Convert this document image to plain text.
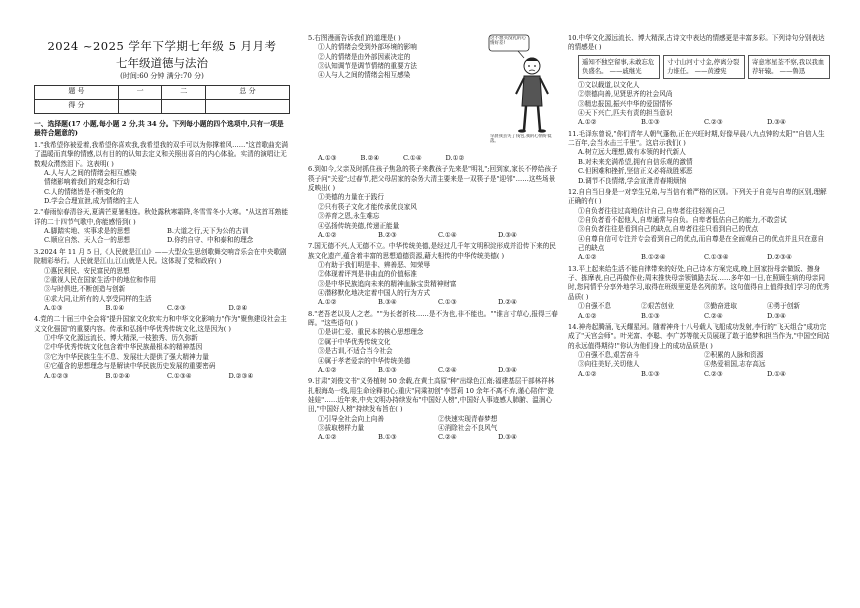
2024 ~2025 学年下学期七年级 5 月月考
七年级道德与法治
(时间:60 分钟 满分:70 分)
题 号	一	二	总 分
得 分			
一、选择题(17 小题,每小题 2 分,共 34 分。下列每小题的四个选项中,只有一项是最符合题意的)
1."我希望你被爱着,我希望你喜欢我,我希望我的双手可以为你撑着风……"这首歌曲充满了温暖而真挚的情感,以有目的的认知去定义和关照出喜自的内心体验。实清的演唱让无数观众潸然泪下。这表明( )
A.人与人之间的情绪会相互感染
情绪影响着我们的观念和行动
C.人的情绪皆是不断变化的
D.学会合理宣泄,成为情绪的主人
2."春雨惊春清谷天,夏满芒夏暑相连。秋处露秋寒霜降,冬雪雪冬小大寒。"从这首耳熟能详的二十四节气歌中,你能感悟到( )
A.脚踏实地、实事求是的思想	B.大道之行,天下为公的古训
C.顺应自然、天人合一的思想	D.你约自守、中和泰和的理念
3.2024 年 11 月 5 日,《人民就是江山》——大型众生思创歌舞交响音乐会在中央歌剧院精彩举行。人民就是江山,江山就是人民。这体现了党和政府( )
①惠民利民、安民富民的思想
②重视人民在国家生活中的地位和作用
③与时俱进,不断创造与创新
④求大同,让所有的人享受同样的生活
A.①③	B.①④	C.②③	D.②④
4.党的二十届三中全会将"提升国家文化软实力和中华文化影响力"作为"聚焦建设社会主义文化强国"的重要内容。传承和弘扬中华优秀传统文化,这是因为( )
①中华文化源远流长、博大精深,一枝独秀、历久弥新
②中华优秀传统文化包含着中华民族最根本的精神基因
③它为中华民族生生不息、发展壮大提供了强大精神力量
④它蕴含的思想理念与是解读中华民族历史发展的重要密码
A.①②③	B.①②④	C.①③④	D.②③④
这不想买没礼的心情好差!
早晨我丢失了钱包,我的心情好低落。
5.右图漫画告诉我们的道理是( )
①人的情绪会受到外部环境的影响
②人的情绪是由外部因素决定的
③认知调节是调节情绪的重要方法
④人与人之间的情绪会相互感染
A.①③	B.②④	C.①④	D.①②
6.到如今,父亲及时抓住孩子焦急的筷子来教孩子先来是"明礼";回到家,家长不停给孩子筷子问"关爱";过春节,把父母居家的杂务大清主要来是一双筷子是"迎邻"……这些场景反映出( )
①美德的力量在于践行
②只有筷子文化才能传承优良家风
③养育之恩,永生难忘
④弘扬传统美德,传递正能量
A.①②	B.②③	C.①④	D.③④
7.国无德不兴,人无德不立。中华传统美德,是经过几千年文明积淀形成并沿传下来的民族文化遗产,蕴含着丰富的思想道德资源,藉大相传的中华传统美德( )
①有助于我们明是非、辨善恶、知荣辱
②体现着评判是非曲直的价值标准
③是中华民族追向未来的精神血脉宝贵精神财富
④潜移默化地决定着中国人的行为方式
A.①②	B.③④	C.①③	D.②④
8."老吾老以及人之老。""为长者折枝……是不为也,非不能也。""谁言寸草心,报得三春晖。"这些语句( )
①是讲仁爱、重民本的核心思想理念
②属于中华优秀传统文化
③是古训,不适合当今社会
④属于孝老爱亲的中华传统美德
A.①②	B.①③	C.②④	D.③④
9.甘肃"刘俊文书"义务植树 50 余载,在黄土高原"种"出绿色江南;福建基层干部林祥林扎根海岛一线,用生命诠释初心;重庆"同乘初创"李晋莉 10 余年不离不弃,谨心陪伴"瓷娃娃"……近年来,中央文明办持续发布"中国好人榜",中国好人事迹感人肺腑、温润心田,"中国好人榜"持续发布旨在( )
①引导全社会向上向善	②快速实现青春梦想
③拔取榜样力量	④消除社会不良风气
A.①②	B.①③	C.②④	D.③④
10.中华文化源远流长、博大精深,古诗文中表达的情感更是丰富多彩。下列诗句分别表达的情感是( )
遥知不独空留事,未敢忘危负盛名。 ——戚继光
寸寸山河寸寸金,停离分裂力谁任。 ——黄遵宪
寄意寒星荃不察,我以我血荐轩辕。 ——鲁迅
①文以载道,以文化人
②崇德向善,见贤思齐的社会风尚
③精忠报国,振兴中华的爱国情怀
④天下兴亡,匹夫有责的担当意识
A.①②	B.①③	C.②③	D.③④
11.毛泽东曾说,"你们青年人朝气蓬勃,正在兴旺时期,好像早晨八九点钟的太阳""自信人生二百年,会当水击三千里"。这启示我们( )
A.树立远大理想,做有本领的时代新人
B.对未来充满希望,拥有自信乐观的激情
C.但困难和挫折,坚信正义必将战胜邪恶
D.调节不良情绪,学会宣泄青春期烦恼
12.自自当日身是一对孪生兄弟,与当信有着严格的区别。下列关于自竞与自卑的区别,理解正确的有( )
①自负者往往过高地估计自己,自卑者往往轻视自己
②自负者看不起他人,自卑通常与自负。自卑者低估自己的能力,不敢尝试
③自负者往往是看到自己的缺点,自卑者往往只看到自己的优点
④自尊自信可专注并专会看到自己的优点,而自尊是在全面观自己的优点并且只在意自己的缺点
A.①②	B.①②④	C.①③④	D.②③④
13.平上起来给生活不能自律带来的好处,自己诗本方案完成,晚上回家扮母亲做饭、擦身子、拣摩表,自己再做作业;周末推快母亲领镇路去玩……多年如一日,在照顾生病的母亲同时,您同情乎分享外地学习,取得在班级里更是名列前茅。这句值得自上值得我们学习的优秀品质( )
①自强不息	②艰苦创业	③勤奋进取	④勇于创新
A.①②	B.①③	C.②④	D.③④
14.神舟起腾涌,飞天耀星河。随着神舟十八号载人飞船成功发射,李行的"飞天组合"成功完成了"天宫会师"。叶光富、李聪、李广苏等航天员展现了敢于追梦和担当作为,"中国空间站的永远值得期待!"你认为他们身上的成功品质是( )
①自强不息,艰苦奋斗	②积累的人脉和资源
③向往美好,关切他人	④热爱祖国,志存高远
A.①②	B.①③	C.②③	D.①④
